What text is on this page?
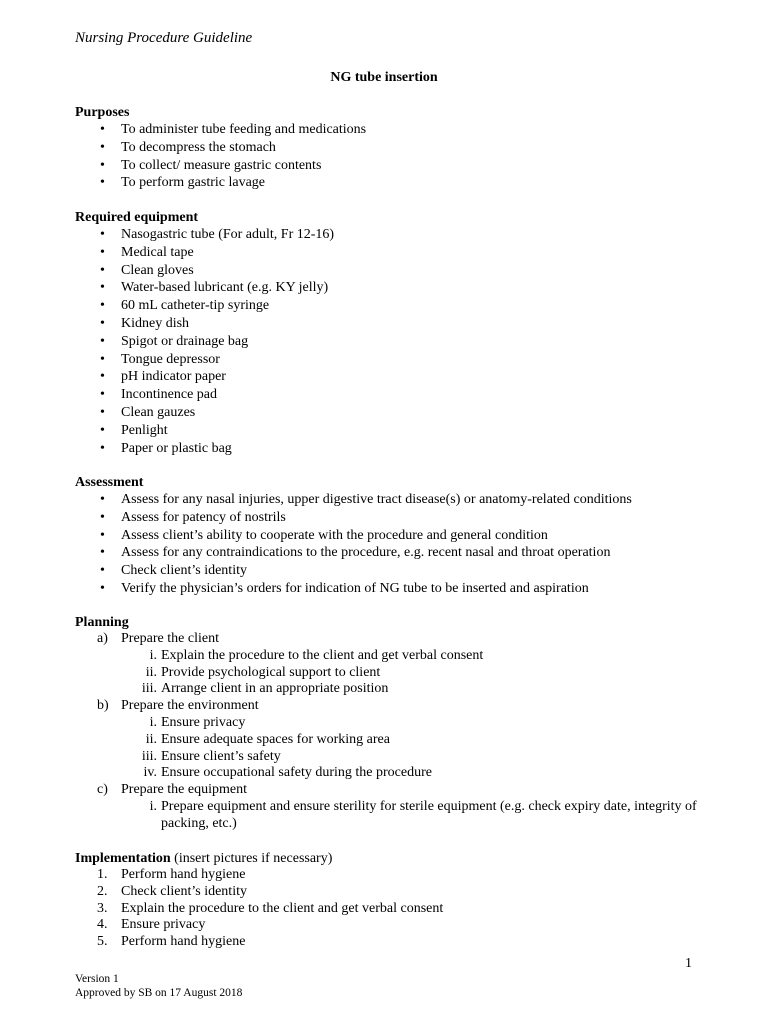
Nursing Procedure Guideline
NG tube insertion
Purposes
• To administer tube feeding and medications
• To decompress the stomach
• To collect/ measure gastric contents
• To perform gastric lavage
Required equipment
• Nasogastric tube (For adult, Fr 12-16)
• Medical tape
• Clean gloves
• Water-based lubricant (e.g. KY jelly)
• 60 mL catheter-tip syringe
• Kidney dish
• Spigot or drainage bag
• Tongue depressor
• pH indicator paper
• Incontinence pad
• Clean gauzes
• Penlight
• Paper or plastic bag
Assessment
• Assess for any nasal injuries, upper digestive tract disease(s) or anatomy-related conditions
• Assess for patency of nostrils
• Assess client’s ability to cooperate with the procedure and general condition
• Assess for any contraindications to the procedure, e.g. recent nasal and throat operation
• Check client’s identity
• Verify the physician’s orders for indication of NG tube to be inserted and aspiration
Planning
a) Prepare the client
i. Explain the procedure to the client and get verbal consent
ii. Provide psychological support to client
iii. Arrange client in an appropriate position
b) Prepare the environment
i. Ensure privacy
ii. Ensure adequate spaces for working area
iii. Ensure client’s safety
iv. Ensure occupational safety during the procedure
c) Prepare the equipment
i. Prepare equipment and ensure sterility for sterile equipment (e.g. check expiry date, integrity of packing, etc.)
Implementation (insert pictures if necessary)
1. Perform hand hygiene
2. Check client’s identity
3. Explain the procedure to the client and get verbal consent
4. Ensure privacy
5. Perform hand hygiene
1
Version 1
Approved by SB on 17 August 2018
